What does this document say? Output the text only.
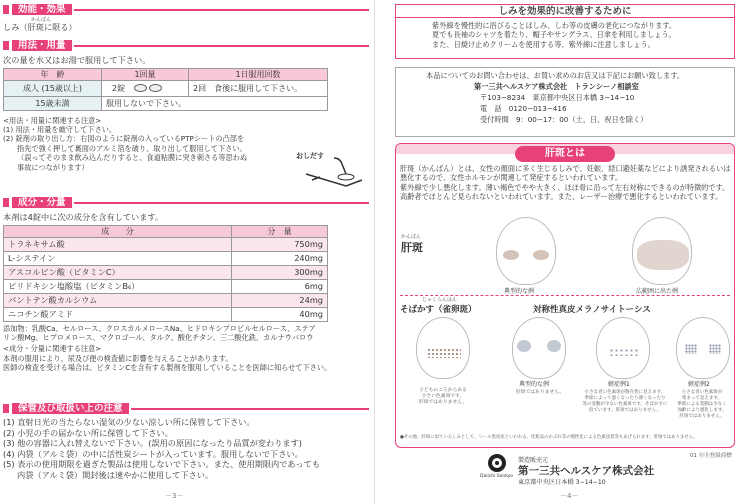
効能・効果
かんぱん
しみ（肝斑に限る）
用法・用量
次の量を水又はお湯で服用して下さい。
年　齢	1回量	1日服用回数
成人 (15歳以上)	2錠	2回　食後に服用して下さい。
15歳未満	服用しないで下さい。	
<用法・用量に関連する注意>
(1) 用法・用量を厳守して下さい。
(2) 錠剤の取り出し方：右図のように錠剤の入っているPTPシートの凸部を
指先で強く押して裏面のアルミ箔を破り、取り出して服用して下さい。
（誤ってそのまま飲み込んだりすると、食道粘膜に突き刺さる等思わぬ
事故につながります）
おしだす
成分・分量
本剤は4錠中に次の成分を含有しています。
成　　分	分　量
トラネキサム酸	750mg
L-システイン	240mg
アスコルビン酸（ビタミンC）	300mg
ピリドキシン塩酸塩（ビタミンB₆）	6mg
パントテン酸カルシウム	24mg
ニコチン酸アミド	40mg
添加物：乳酸Ca、セルロース、クロスカルメロースNa、ヒドロキシプロピルセルロース、ステア
リン酸Mg、ヒプロメロース、マクロゴール、タルク、酸化チタン、三二酸化鉄、カルナウバロウ
<成分・分量に関連する注意>
本剤の服用により、尿及び便の検査値に影響を与えることがあります。
医師の検査を受ける場合は、ビタミンCを含有する製剤を服用していることを医師に知らせて下さい。
保管及び取扱い上の注意
(1) 直射日光の当たらない湿気の少ない涼しい所に保管して下さい。
(2) 小児の手の届かない所に保管して下さい。
(3) 他の容器に入れ替えないで下さい。(誤用の原因になったり品質が変わります)
(4) 内袋（アルミ袋）の中に活性炭シートが入っています。服用しないで下さい。
(5) 表示の使用期限を過ぎた製品は使用しないで下さい。また、使用期限内であっても
内袋（アルミ袋）開封後は速やかに使用して下さい。
－3－
しみを効果的に改善するために
紫外線を慢性的に浴びることはしみ、しわ等の皮膚の老化につながります。
夏でも長袖のシャツを着たり、帽子やサングラス、日傘を利用しましょう。
また、日焼け止めクリームを使用する等、紫外線に注意しましょう。
本品についてのお問い合わせは、お買い求めのお店又は下記にお願い致します。
第一三共ヘルスケア株式会社　トランシーノ相談室
〒103−8234　東京都中央区日本橋 3−14−10
電　話　0120−013−416
受付時間　9：00−17：00（土、日、祝日を除く）
肝斑とは
肝斑（かんぱん）とは、女性の顔面に多く生じるしみで、妊娠、経口避妊薬などにより誘発されるいは
悪化するので、女性ホルモンが関連して発症するといわれています。
紫外線で少し悪化します。薄い褐色でやや大きく、ほほ骨に沿って左右対称にできるのが特徴的です。
高齢者でほとんど見られないといわれています。また、レーザー治療で悪化するといわれています。
かんぱん
肝斑
典型的な例	広範囲に出た例
じゃくらんはん
そばかす（雀卵斑）	対称性真皮メラノサイトーシス
典型的な例	軽症例1	軽症例2
子どものころからある
小さい色素斑です。
肝斑ではありません。
肝斑ではありません。	小さな青い色素斑が散在性に見えます。
季節によって悪くなったり薄くなったり
等の変動が少ない色素斑です。そばかすに
似ています。肝斑ではありません。
小さな青い色素斑が
集まって見えます。
季節による変動は少なく
加齢により悪化します。
肝斑ではありません。
●その他、肝斑に似ているしみとして、リール黒皮症といわれる、化粧品のかぶれ等の慢性化による色素沈着等もあげられます。肝斑ではありません。
01 ⓇⓇ登録商標
Daiichi Sankyo
製造販売元
第一三共ヘルスケア株式会社
東京都中央区日本橋 3−14−10
－4－
